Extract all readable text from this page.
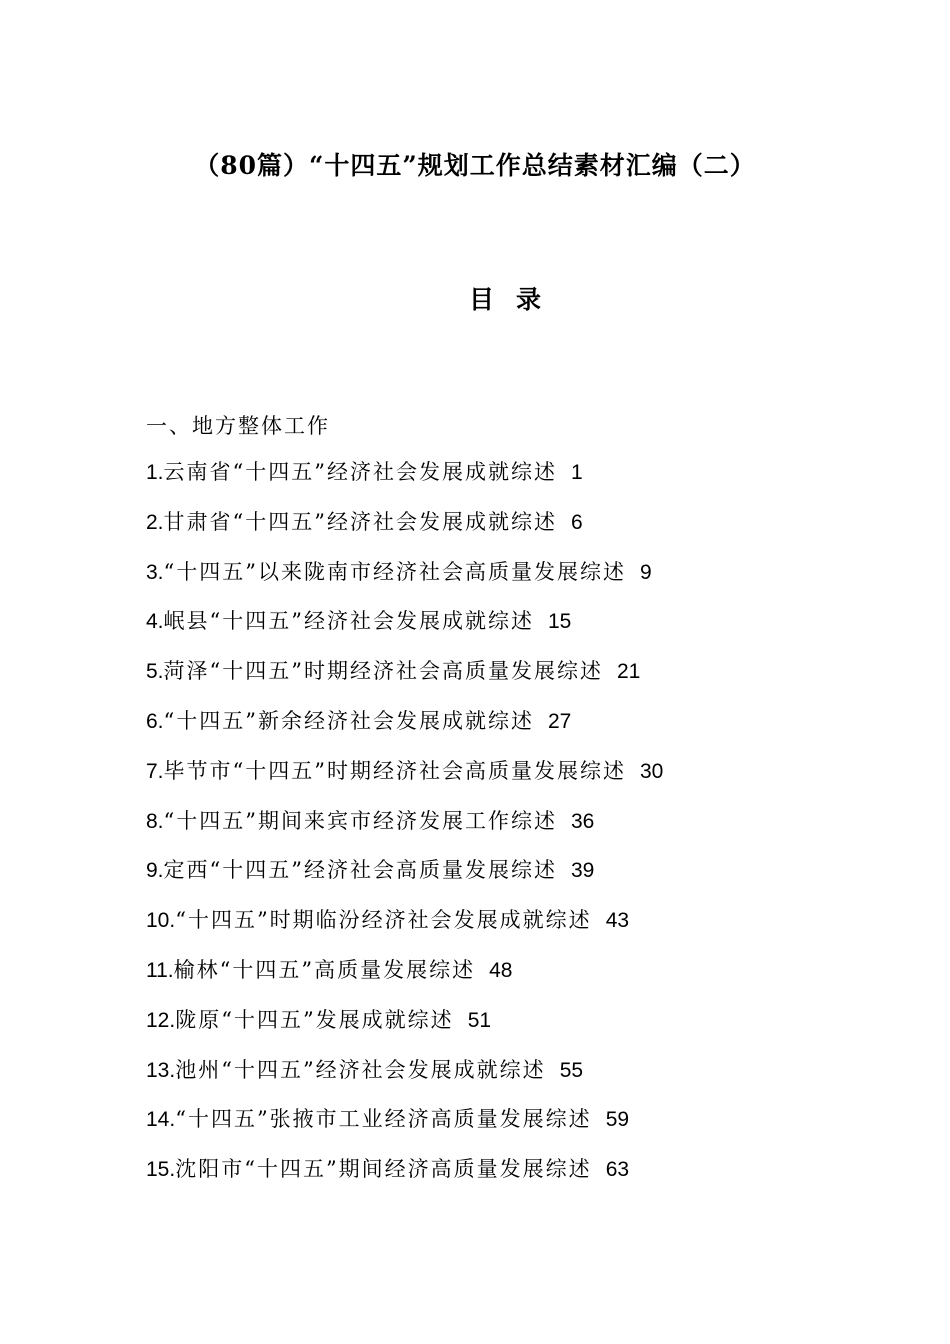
（80篇）“十四五”规划工作总结素材汇编（二）
目 录
一、地方整体工作
1.云南省“十四五”经济社会发展成就综述 1
2.甘肃省“十四五”经济社会发展成就综述 6
3.“十四五”以来陇南市经济社会高质量发展综述 9
4.岷县“十四五”经济社会发展成就综述 15
5.菏泽“十四五”时期经济社会高质量发展综述 21
6.“十四五”新余经济社会发展成就综述 27
7.毕节市“十四五”时期经济社会高质量发展综述 30
8.“十四五”期间来宾市经济发展工作综述 36
9.定西“十四五”经济社会高质量发展综述 39
10.“十四五”时期临汾经济社会发展成就综述 43
11.榆林“十四五”高质量发展综述 48
12.陇原“十四五”发展成就综述 51
13.池州“十四五”经济社会发展成就综述 55
14.“十四五”张掖市工业经济高质量发展综述 59
15.沈阳市“十四五”期间经济高质量发展综述 63
